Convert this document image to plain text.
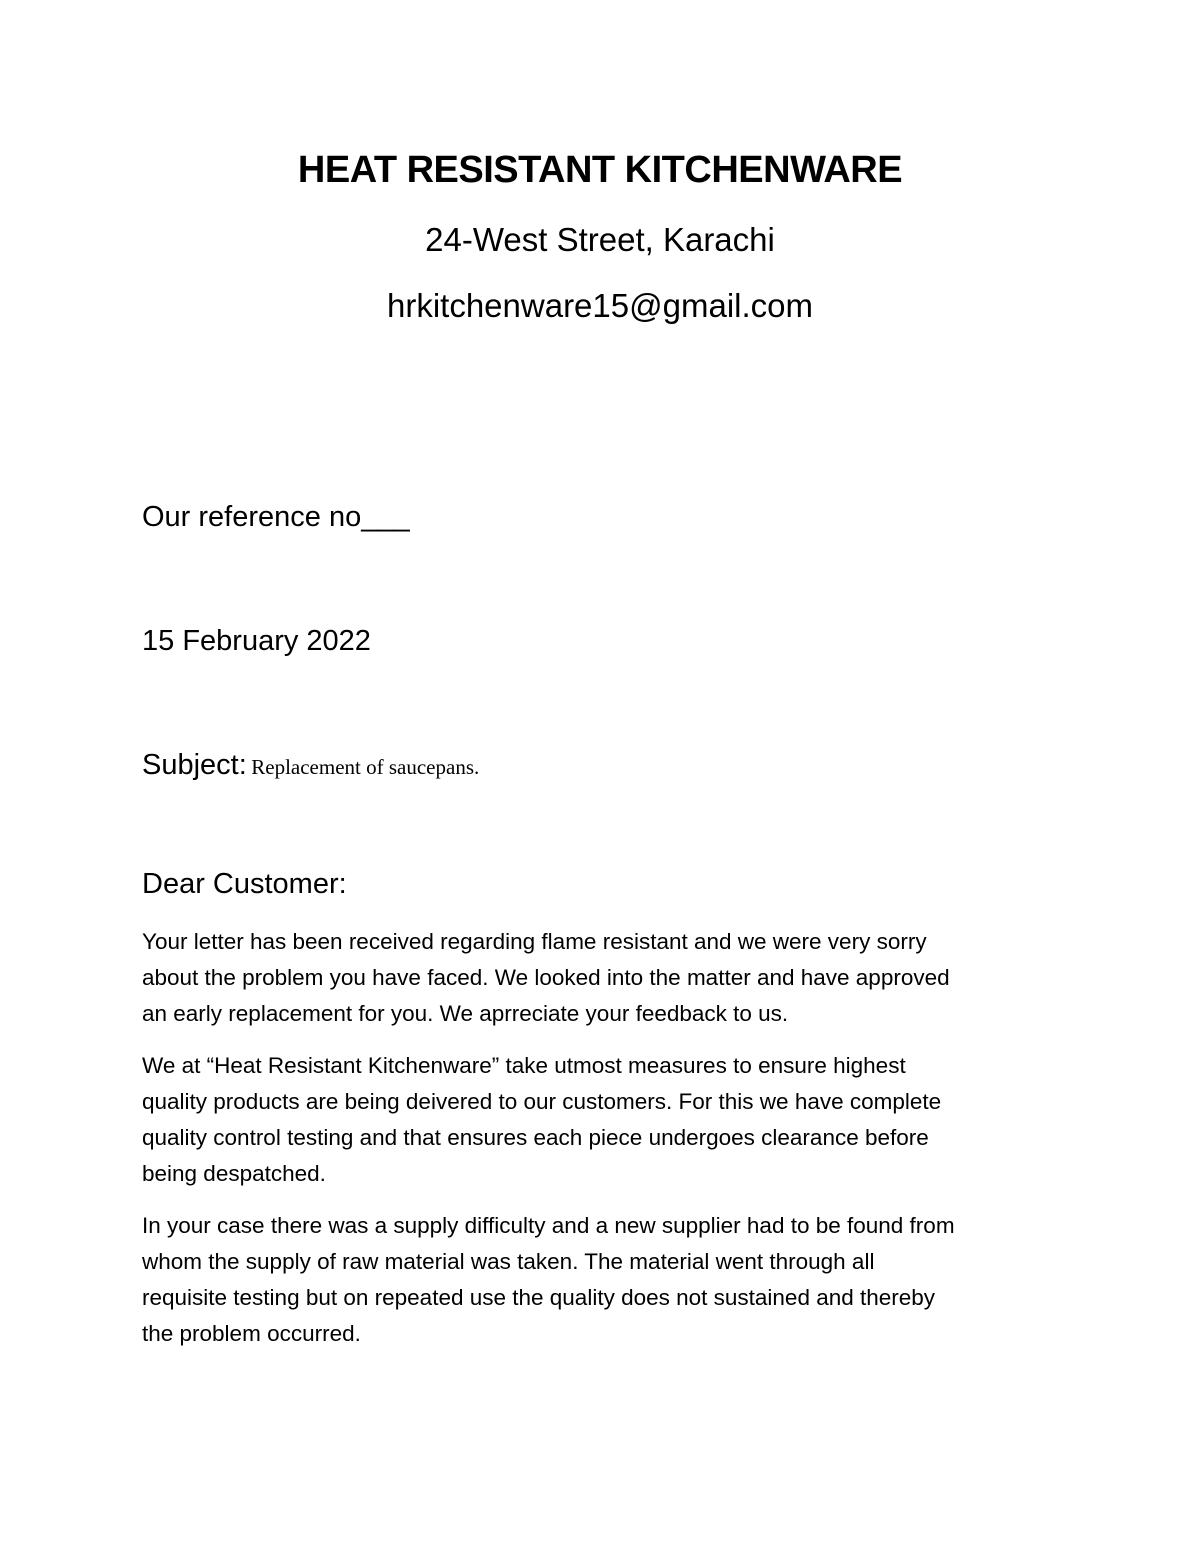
HEAT RESISTANT KITCHENWARE
24-West Street, Karachi
hrkitchenware15@gmail.com
Our reference no___
15 February 2022
Subject: Replacement of saucepans.
Dear Customer:
Your letter has been received regarding flame resistant and we were very sorry
about the problem you have faced. We looked into the matter and have approved
an early replacement for you. We aprreciate your feedback to us.
We at “Heat Resistant Kitchenware” take utmost measures to ensure highest
quality products are being deivered to our customers. For this we have complete
quality control testing and that ensures each piece undergoes clearance before
being despatched.
In your case there was a supply difficulty and a new supplier had to be found from
whom the supply of raw material was taken. The material went through all
requisite testing but on repeated use the quality does not sustained and thereby
the problem occurred.
